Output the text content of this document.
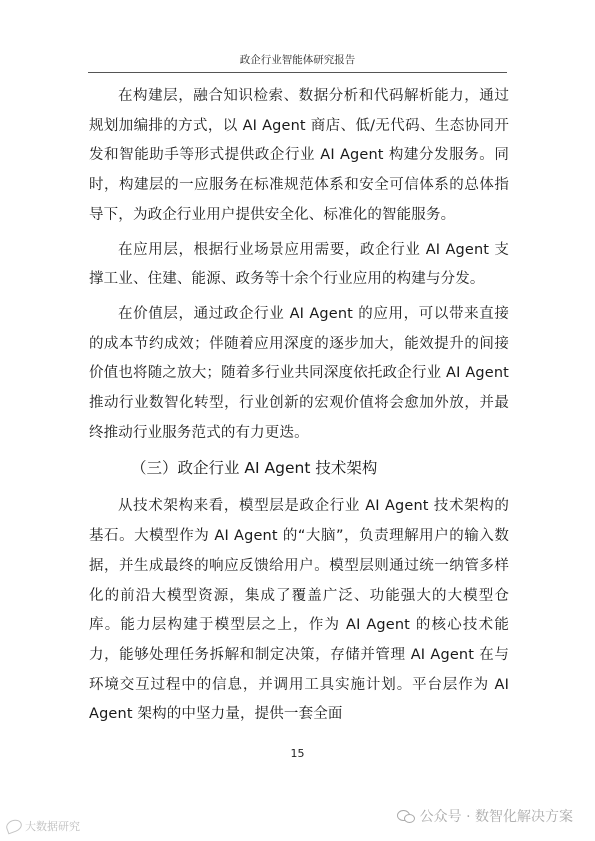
政企行业智能体研究报告

在构建层，融合知识检索、数据分析和代码解析能力，通过规划加编排的方式，以 AI Agent 商店、低/无代码、生态协同开发和智能助手等形式提供政企行业 AI Agent 构建分发服务。同时，构建层的一应服务在标准规范体系和安全可信体系的总体指导下，为政企行业用户提供安全化、标准化的智能服务。

在应用层，根据行业场景应用需要，政企行业 AI Agent 支撑工业、住建、能源、政务等十余个行业应用的构建与分发。

在价值层，通过政企行业 AI Agent 的应用，可以带来直接的成本节约成效；伴随着应用深度的逐步加大，能效提升的间接价值也将随之放大；随着多行业共同深度依托政企行业 AI Agent 推动行业数智化转型，行业创新的宏观价值将会愈加外放，并最终推动行业服务范式的有力更迭。

（三）政企行业 AI Agent 技术架构

从技术架构来看，模型层是政企行业 AI Agent 技术架构的基石。大模型作为 AI Agent 的“大脑”，负责理解用户的输入数据，并生成最终的响应反馈给用户。模型层则通过统一纳管多样化的前沿大模型资源，集成了覆盖广泛、功能强大的大模型仓库。能力层构建于模型层之上，作为 AI Agent 的核心技术能力，能够处理任务拆解和制定决策，存储并管理 AI Agent 在与环境交互过程中的信息，并调用工具实施计划。平台层作为 AI Agent 架构的中坚力量，提供一套全面

15
公众号 · 数智化解决方案
大数据研究
